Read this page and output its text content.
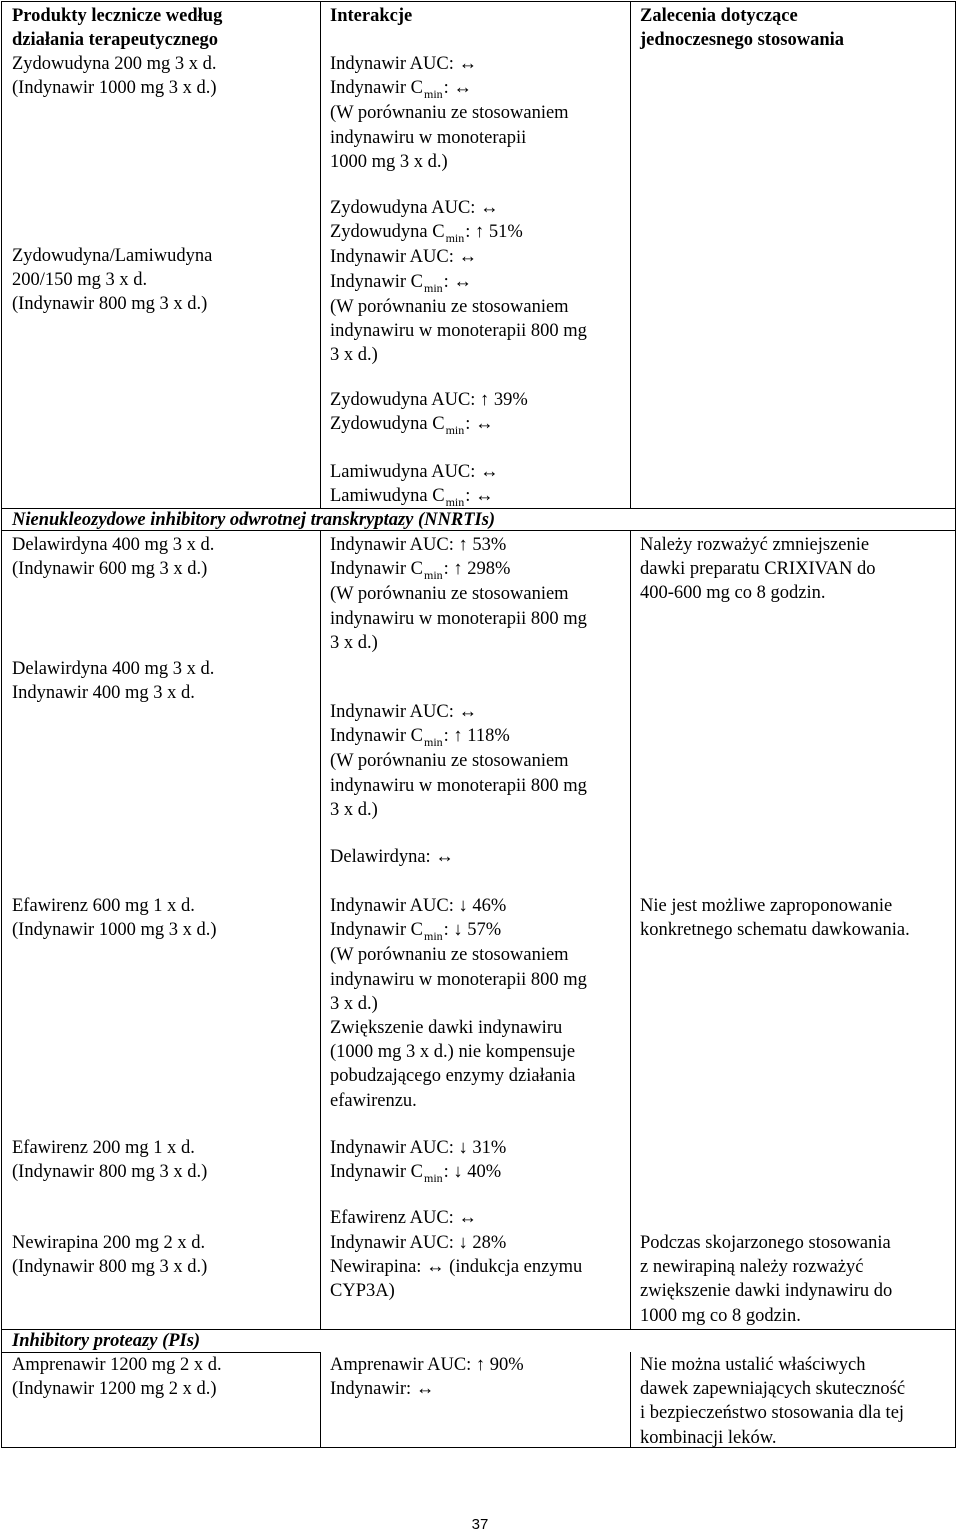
Produkty lecznicze według
działania terapeutycznego
Interakcje	Zalecenia dotyczące
jednoczesnego stosowania
Zydowudyna 200 mg 3 x d.
(Indynawir 1000 mg 3 x d.)
Indynawir AUC: ↔
Indynawir $C_{min}$: ↔
(W porównaniu ze stosowaniem
indynawiru w monoterapii
1000 mg 3 x d.)
Zydowudyna/Lamiwudyna
200/150 mg 3 x d.
(Indynawir 800 mg 3 x d.)
Zydowudyna AUC: ↔
Zydowudyna $C_{min}$: ↑ 51%
Indynawir AUC: ↔
Indynawir $C_{min}$: ↔
(W porównaniu ze stosowaniem
indynawiru w monoterapii 800 mg
3 x d.)
Zydowudyna AUC: ↑ 39%
Zydowudyna $C_{min}$: ↔
Lamiwudyna AUC: ↔
Lamiwudyna $C_{min}$: ↔
Nienukleozydowe inhibitory odwrotnej transkryptazy (NNRTIs)
Delawirdyna 400 mg 3 x d.
(Indynawir 600 mg 3 x d.)
Delawirdyna 400 mg 3 x d.
Indynawir 400 mg 3 x d.
Indynawir AUC: ↑ 53%
Indynawir $C_{min}$: ↑ 298%
(W porównaniu ze stosowaniem
indynawiru w monoterapii 800 mg
3 x d.)
Indynawir AUC: ↔
Indynawir $C_{min}$: ↑ 118%
(W porównaniu ze stosowaniem
indynawiru w monoterapii 800 mg
3 x d.)
Delawirdyna: ↔
Należy rozważyć zmniejszenie
dawki preparatu CRIXIVAN do
400-600 mg co 8 godzin.
Efawirenz 600 mg 1 x d.
(Indynawir 1000 mg 3 x d.)
Indynawir AUC: ↓ 46%
Indynawir $C_{min}$: ↓ 57%
(W porównaniu ze stosowaniem
indynawiru w monoterapii 800 mg
3 x d.)
Zwiększenie dawki indynawiru
(1000 mg 3 x d.) nie kompensuje
pobudzającego enzymy działania
efawirenzu.
Nie jest możliwe zaproponowanie
konkretnego schematu dawkowania.
Efawirenz 200 mg 1 x d.
(Indynawir 800 mg 3 x d.)
Indynawir AUC: ↓ 31%
Indynawir $C_{min}$: ↓ 40%
Efawirenz AUC: ↔
Newirapina 200 mg 2 x d.
(Indynawir 800 mg 3 x d.)
Indynawir AUC: ↓ 28%
Newirapina: ↔ (indukcja enzymu
CYP3A)
Podczas skojarzonego stosowania
z newirapiną należy rozważyć
zwiększenie dawki indynawiru do
1000 mg co 8 godzin.
Inhibitory proteazy (PIs)
Amprenawir 1200 mg 2 x d.
(Indynawir 1200 mg 2 x d.)
Amprenawir AUC: ↑ 90%
Indynawir: ↔
Nie można ustalić właściwych
dawek zapewniających skuteczność
i bezpieczeństwo stosowania dla tej
kombinacji leków.
37
